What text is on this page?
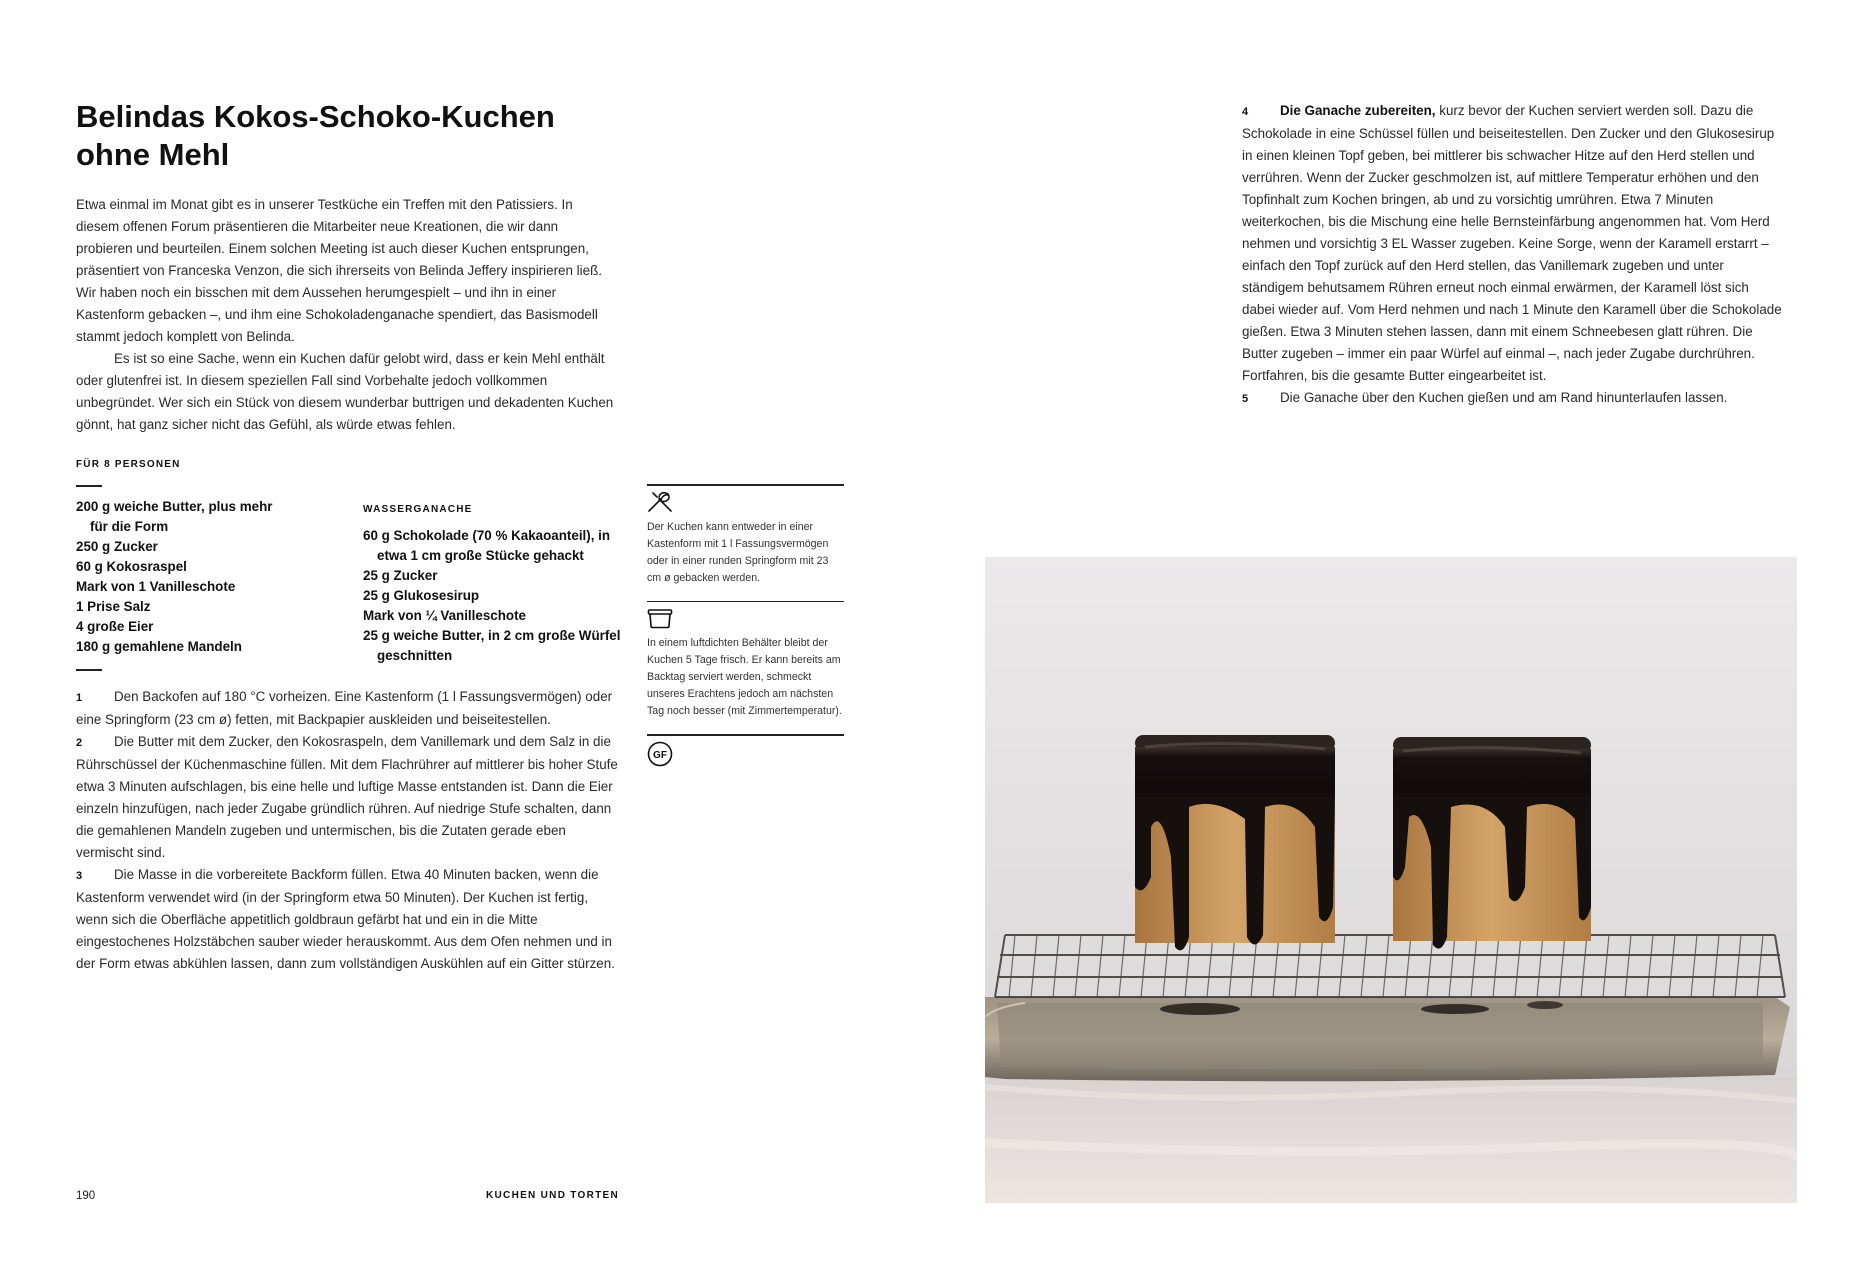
Belindas Kokos-Schoko-Kuchen ohne Mehl

Etwa einmal im Monat gibt es in unserer Testküche ein Treffen mit den Patissiers. In diesem offenen Forum präsentieren die Mitarbeiter neue Kreationen, die wir dann probieren und beurteilen. Einem solchen Meeting ist auch dieser Kuchen entsprungen, präsentiert von Franceska Venzon, die sich ihrerseits von Belinda Jeffery inspirieren ließ. Wir haben noch ein bisschen mit dem Aussehen herumgespielt – und ihn in einer Kastenform gebacken –, und ihm eine Schokoladenganache spendiert, das Basismodell stammt jedoch komplett von Belinda.

Es ist so eine Sache, wenn ein Kuchen dafür gelobt wird, dass er kein Mehl enthält oder glutenfrei ist. In diesem speziellen Fall sind Vorbehalte jedoch vollkommen unbegründet. Wer sich ein Stück von diesem wunderbar buttrigen und dekadenten Kuchen gönnt, hat ganz sicher nicht das Gefühl, als würde etwas fehlen.

FÜR 8 PERSONEN
200 g weiche Butter, plus mehr
für die Form
250 g Zucker
60 g Kokosraspel
Mark von 1 Vanilleschote
1 Prise Salz
4 große Eier
180 g gemahlene Mandeln
WASSERGANACHE
60 g Schokolade (70 % Kakaoanteil), in
etwa 1 cm große Stücke gehackt
25 g Zucker
25 g Glukosesirup
Mark von ¼ Vanilleschote
25 g weiche Butter, in 2 cm große Würfel
geschnitten

1 Den Backofen auf 180 °C vorheizen. Eine Kastenform (1 l Fassungsvermögen) oder eine Springform (23 cm ø) fetten, mit Backpapier auskleiden und beiseitestellen.

2 Die Butter mit dem Zucker, den Kokosraspeln, dem Vanillemark und dem Salz in die Rührschüssel der Küchenmaschine füllen. Mit dem Flachrührer auf mittlerer bis hoher Stufe etwa 3 Minuten aufschlagen, bis eine helle und luftige Masse entstanden ist. Dann die Eier einzeln hinzufügen, nach jeder Zugabe gründlich rühren. Auf niedrige Stufe schalten, dann die gemahlenen Mandeln zugeben und untermischen, bis die Zutaten gerade eben vermischt sind.

3 Die Masse in die vorbereitete Backform füllen. Etwa 40 Minuten backen, wenn die Kastenform verwendet wird (in der Springform etwa 50 Minuten). Der Kuchen ist fertig, wenn sich die Oberfläche appetitlich goldbraun gefärbt hat und ein in die Mitte eingestochenes Holzstäbchen sauber wieder herauskommt. Aus dem Ofen nehmen und in der Form etwas abkühlen lassen, dann zum vollständigen Auskühlen auf ein Gitter stürzen.

Der Kuchen kann entweder in einer Kastenform mit 1 l Fassungsvermögen oder in einer runden Springform mit 23 cm ø gebacken werden.
In einem luftdichten Behälter bleibt der Kuchen 5 Tage frisch. Er kann bereits am Backtag serviert werden, schmeckt unseres Erachtens jedoch am nächsten Tag noch besser (mit Zimmertemperatur).
GF

4 Die Ganache zubereiten, kurz bevor der Kuchen serviert werden soll. Dazu die Schokolade in eine Schüssel füllen und beiseitestellen. Den Zucker und den Glukosesirup in einen kleinen Topf geben, bei mittlerer bis schwacher Hitze auf den Herd stellen und verrühren. Wenn der Zucker geschmolzen ist, auf mittlere Temperatur erhöhen und den Topfinhalt zum Kochen bringen, ab und zu vorsichtig umrühren. Etwa 7 Minuten weiterkochen, bis die Mischung eine helle Bernsteinfärbung angenommen hat. Vom Herd nehmen und vorsichtig 3 EL Wasser zugeben. Keine Sorge, wenn der Karamell erstarrt – einfach den Topf zurück auf den Herd stellen, das Vanillemark zugeben und unter ständigem behutsamem Rühren erneut noch einmal erwärmen, der Karamell löst sich dabei wieder auf. Vom Herd nehmen und nach 1 Minute den Karamell über die Schokolade gießen. Etwa 3 Minuten stehen lassen, dann mit einem Schneebesen glatt rühren. Die Butter zugeben – immer ein paar Würfel auf einmal –, nach jeder Zugabe durchrühren. Fortfahren, bis die gesamte Butter eingearbeitet ist.

5 Die Ganache über den Kuchen gießen und am Rand hinunterlaufen lassen.

190	KUCHEN UND TORTEN
